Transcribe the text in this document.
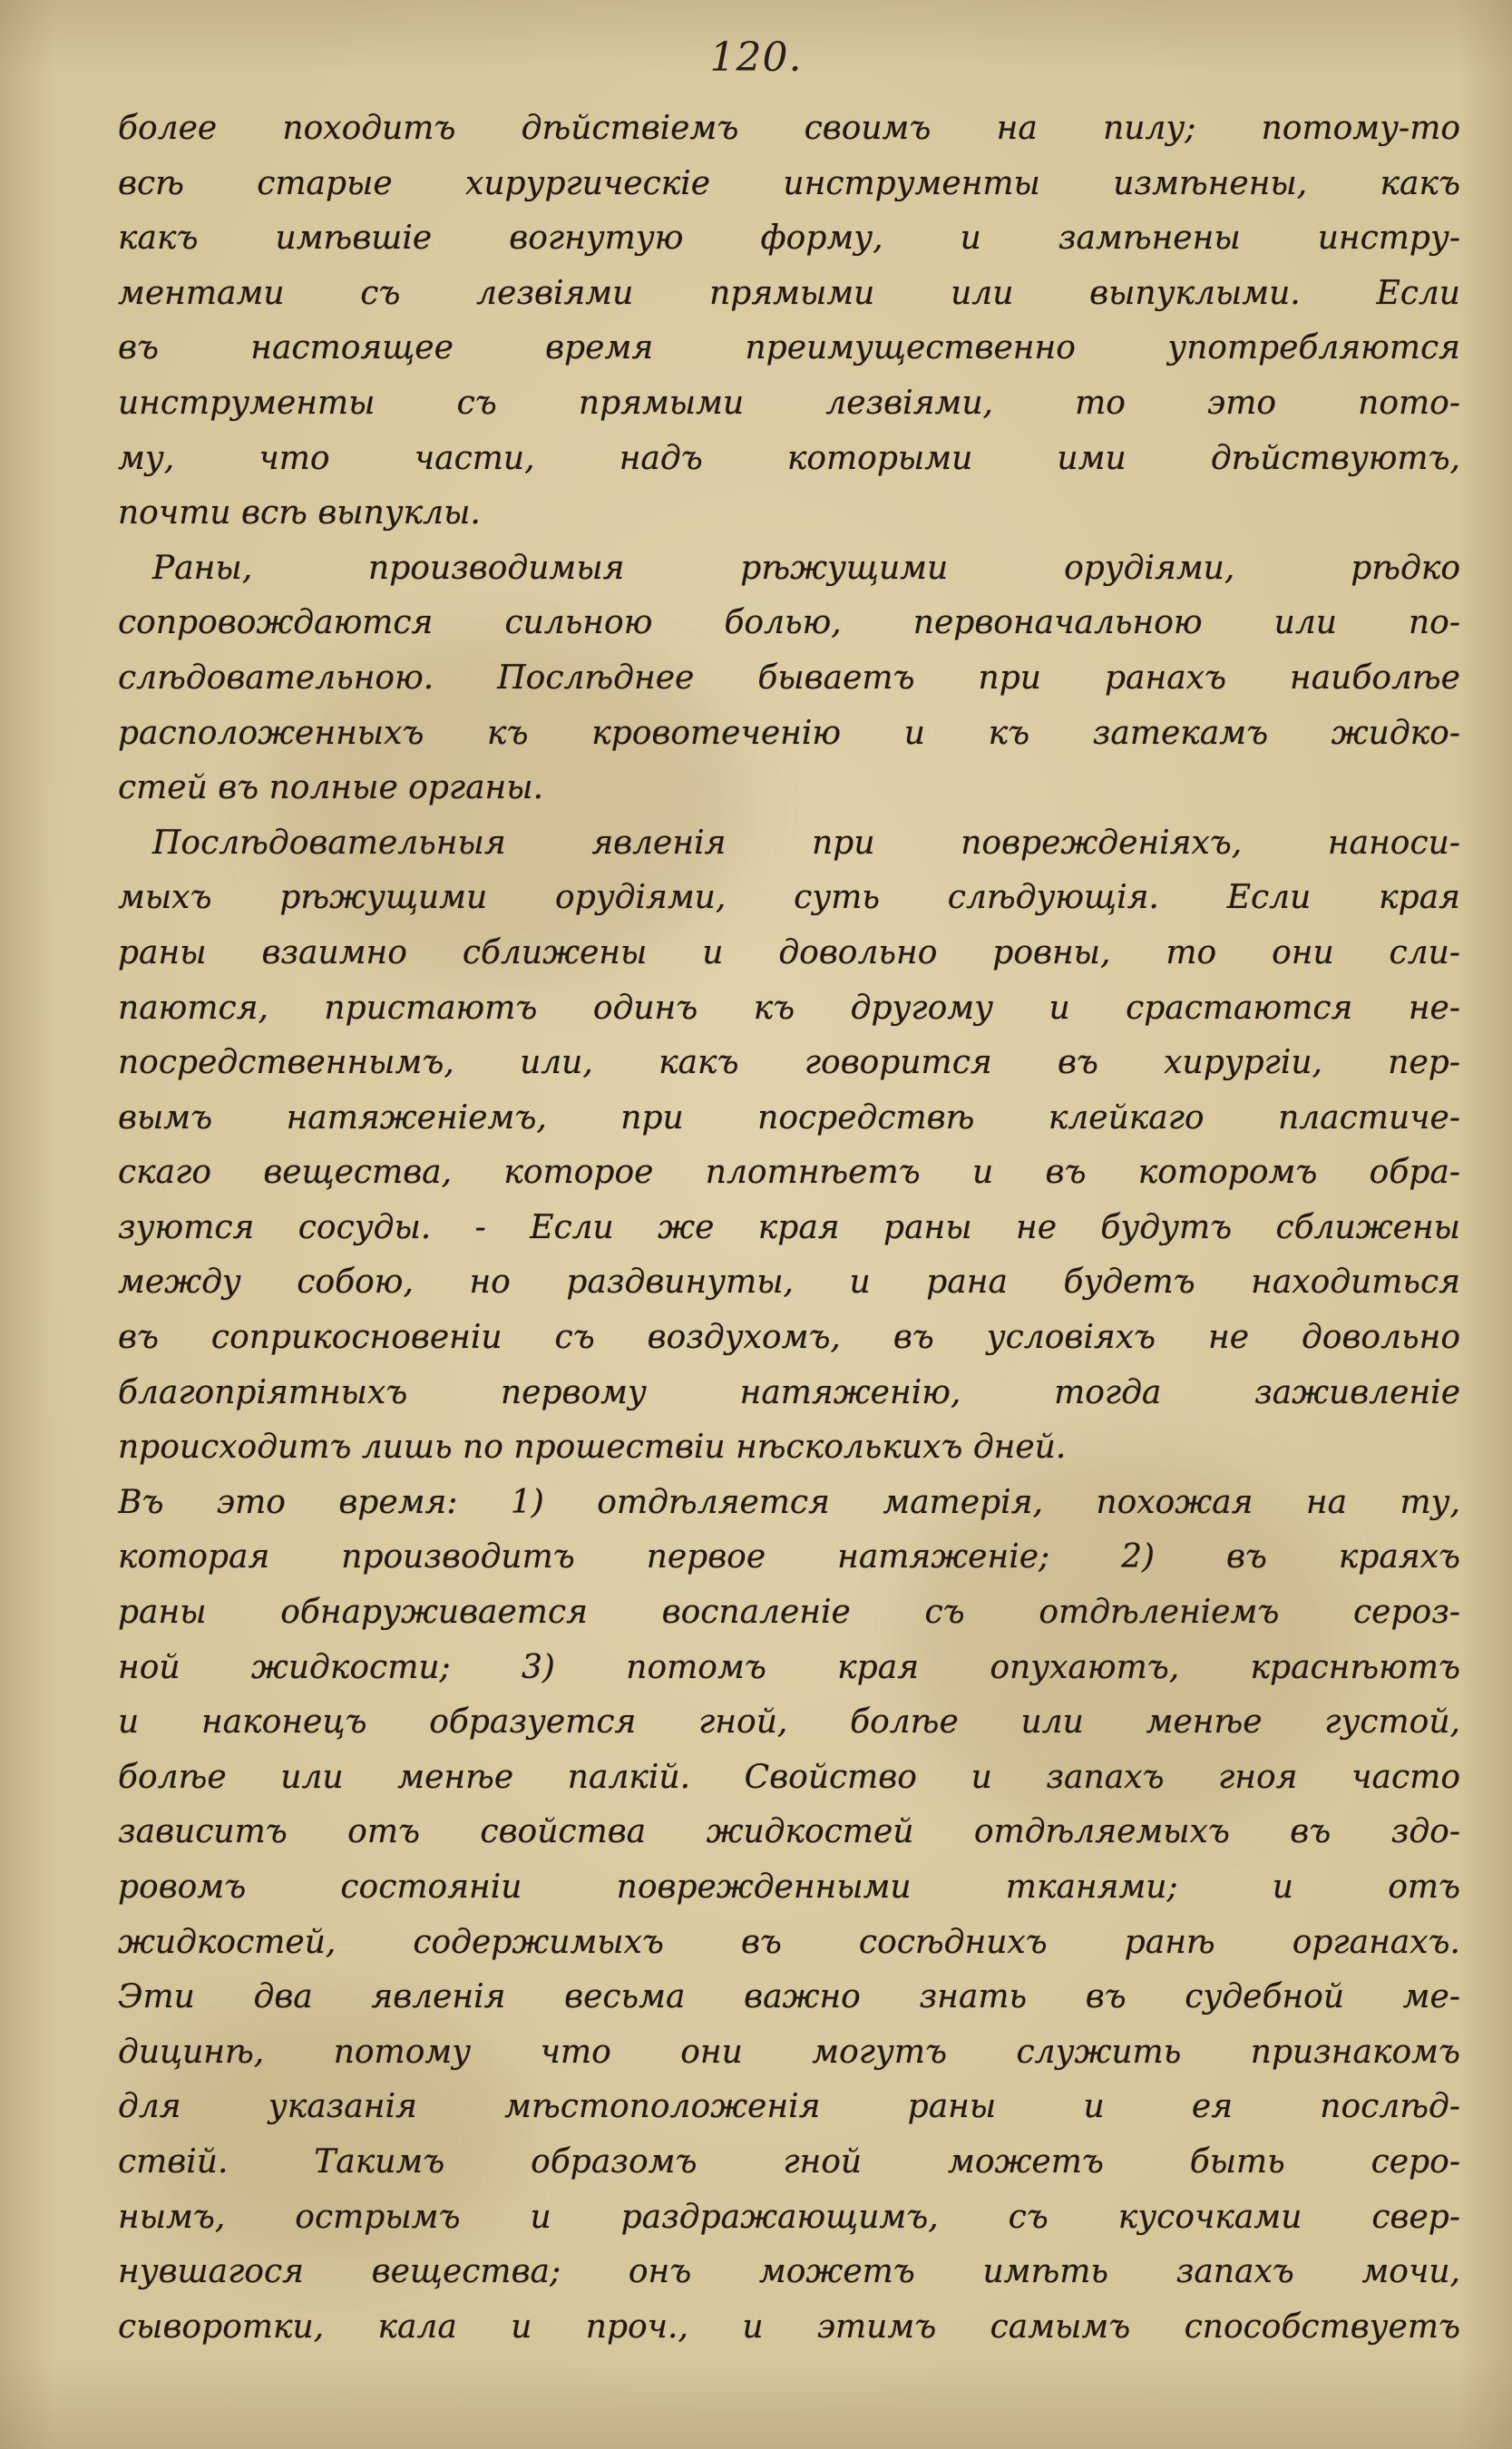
120.
более походитъ дѣйствіемъ своимъ на пилу; потому-то
всѣ старые хирургическіе инструменты измѣнены, какъ
какъ имѣвшіе вогнутую форму, и замѣнены инстру-
ментами съ лезвіями прямыми или выпуклыми. Если
въ настоящее время преимущественно употребляются
инструменты съ прямыми лезвіями, то это пото-
му, что части, надъ которыми ими дѣйствуютъ,
почти всѣ выпуклы.
Раны, производимыя рѣжущими орудіями, рѣдко
сопровождаются сильною болью, первоначальною или по-
слѣдовательною. Послѣднее бываетъ при ранахъ наиболѣе
расположенныхъ къ кровотеченію и къ затекамъ жидко-
стей въ полные органы.
Послѣдовательныя явленія при повреждeніяхъ, наноси-
мыхъ рѣжущими орудіями, суть слѣдующія. Если края
раны взаимно сближены и довольно ровны, то они сли-
паются, пристаютъ одинъ къ другому и срастаются не-
посредственнымъ, или, какъ говорится въ хирургіи, пер-
вымъ натяженіемъ, при посредствѣ клейкаго пластиче-
скаго вещества, которое плотнѣетъ и въ которомъ обра-
зуются сосуды. - Если же края раны не будутъ сближены
между собою, но раздвинуты, и рана будетъ находиться
въ соприкосновеніи съ воздухомъ, въ условіяхъ не довольно
благопріятныхъ первому натяженію, тогда заживленіе
происходитъ лишь по прошествіи нѣсколькихъ дней.
Въ это время: 1) отдѣляется матерія, похожая на ту,
которая производитъ первое натяженіе; 2) въ краяхъ
раны обнаруживается воспаленіе съ отдѣленіемъ сероз-
ной жидкости; 3) потомъ края опухаютъ, краснѣютъ
и наконецъ образуется гной, болѣе или менѣе густой,
болѣе или менѣе палкій. Свойство и запахъ гноя часто
зависитъ отъ свойства жидкостей отдѣляемыхъ въ здо-
ровомъ состояніи поврежденными тканями; и отъ
жидкостей, содержимыхъ въ сосѣднихъ ранѣ органахъ.
Эти два явленія весьма важно знать въ судебной ме-
дицинѣ, потому что они могутъ служить признакомъ
для указанія мѣстоположенія раны и ея послѣд-
ствій. Такимъ образомъ гной можетъ быть серо-
нымъ, острымъ и раздражающимъ, съ кусочками свер-
нувшагося вещества; онъ можетъ имѣть запахъ мочи,
сыворотки, кала и проч., и этимъ самымъ способствуетъ
